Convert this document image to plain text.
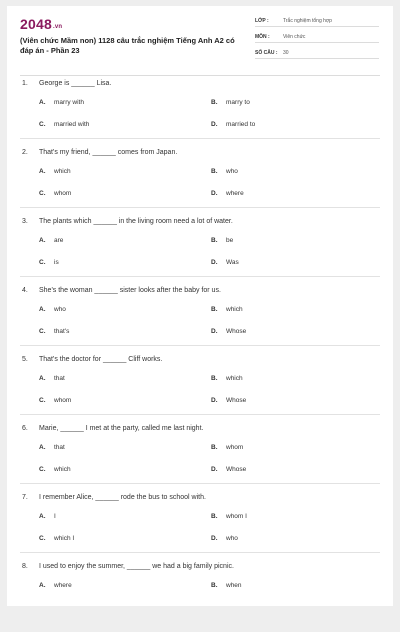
2048.vn
(Viên chức Mầm non) 1128 câu trắc nghiệm Tiếng Anh A2 có đáp án - Phần 23
LỚP :	Trắc nghiệm tổng hợp
MÔN :	Viên chức
SỐ CÂU : 30
1. George is ______ Lisa.
A. marry with	B. marry to
C. married with	D. married to
2. That's my friend, ______ comes from Japan.
A. which	B. who
C. whom	D. where
3. The plants which ______ in the living room need a lot of water.
A. are	B. be
C. is	D. Was
4. She's the woman ______ sister looks after the baby for us.
A. who	B. which
C. that's	D. Whose
5. That's the doctor for ______ Cliff works.
A. that	B. which
C. whom	D. Whose
6. Marie, ______ I met at the party, called me last night.
A. that	B. whom
C. which	D. Whose
7. I remember Alice, ______ rode the bus to school with.
A. I	B. whom I
C. which I	D. who
8. I used to enjoy the summer, ______ we had a big family picnic.
A. where	B. when
